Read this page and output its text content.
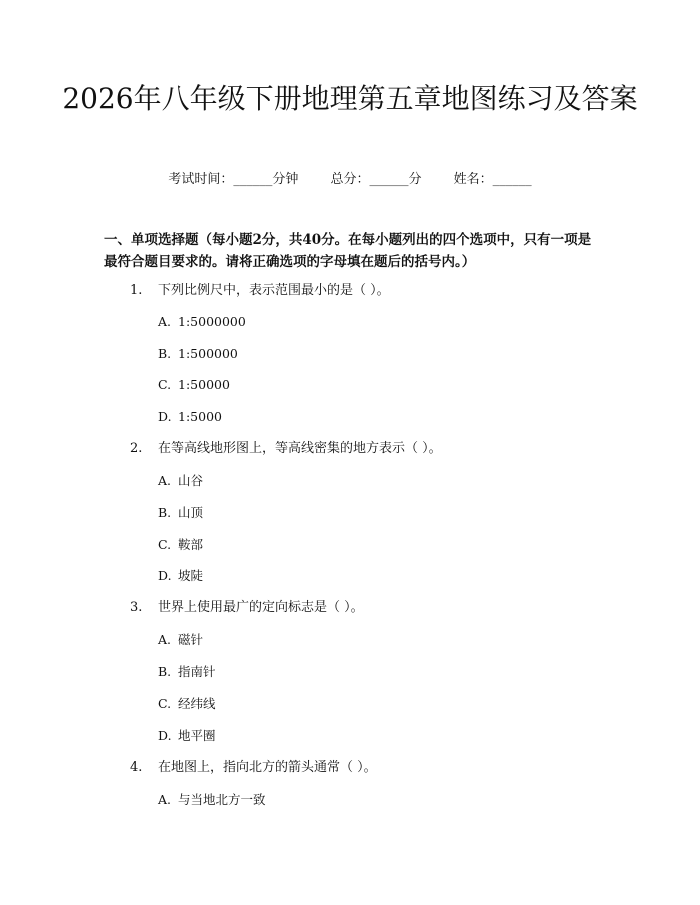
2026年八年级下册地理第五章地图练习及答案
考试时间：______分钟 总分：______分 姓名：______
一、单项选择题（每小题2分，共40分。在每小题列出的四个选项中，只有一项是最符合题目要求的。请将正确选项的字母填在题后的括号内。）
1. 下列比例尺中，表示范围最小的是（ ）。
A. 1:5000000
B. 1:500000
C. 1:50000
D. 1:5000
2. 在等高线地形图上，等高线密集的地方表示（ ）。
A. 山谷
B. 山顶
C. 鞍部
D. 坡陡
3. 世界上使用最广的定向标志是（ ）。
A. 磁针
B. 指南针
C. 经纬线
D. 地平圈
4. 在地图上，指向北方的箭头通常（ ）。
A. 与当地北方一致
